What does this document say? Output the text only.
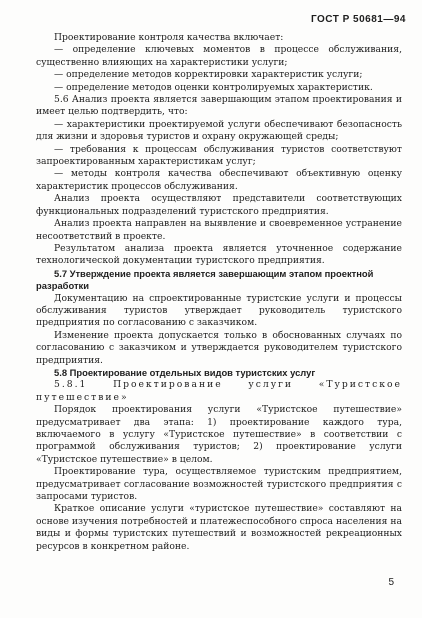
ГОСТ Р 50681—94

Проектирование контроля качества включает:

— определение ключевых моментов в процессе обслуживания, существенно влияющих на характеристики услуги;

— определение методов корректировки характеристик услуги;

— определение методов оценки контролируемых характеристик.

5.6 Анализ проекта является завершающим этапом проектирования и имеет целью подтвердить, что:

— характеристики проектируемой услуги обеспечивают безопасность для жизни и здоровья туристов и охрану окружающей среды;

— требования к процессам обслуживания туристов соответствуют запроектированным характеристикам услуг;

— методы контроля качества обеспечивают объективную оценку характеристик процессов обслуживания.

Анализ проекта осуществляют представители соответствующих функциональных подразделений туристского предприятия.

Анализ проекта направлен на выявление и своевременное устранение несоответствий в проекте.

Результатом анализа проекта является уточненное содержание технологической документации туристского предприятия.

5.7 Утверждение проекта является завершающим этапом проектной разработки

Документацию на спроектированные туристские услуги и процессы обслуживания туристов утверждает руководитель туристского предприятия по согласованию с заказчиком.

Изменение проекта допускается только в обоснованных случаях по согласованию с заказчиком и утверждается руководителем туристского предприятия.

5.8 Проектирование отдельных видов туристских услуг

5.8.1 Проектирование услуги «Туристское путешествие»

Порядок проектирования услуги «Туристское путешествие» предусматривает два этапа: 1) проектирование каждого тура, включаемого в услугу «Туристское путешествие» в соответствии с программой обслуживания туристов; 2) проектирование услуги «Туристское путешествие» в целом.

Проектирование тура, осуществляемое туристским предприятием, предусматривает согласование возможностей туристского предприятия с запросами туристов.

Краткое описание услуги «туристское путешествие» составляют на основе изучения потребностей и платежеспособного спроса населения на виды и формы туристских путешествий и возможностей рекреационных ресурсов в конкретном районе.

5
